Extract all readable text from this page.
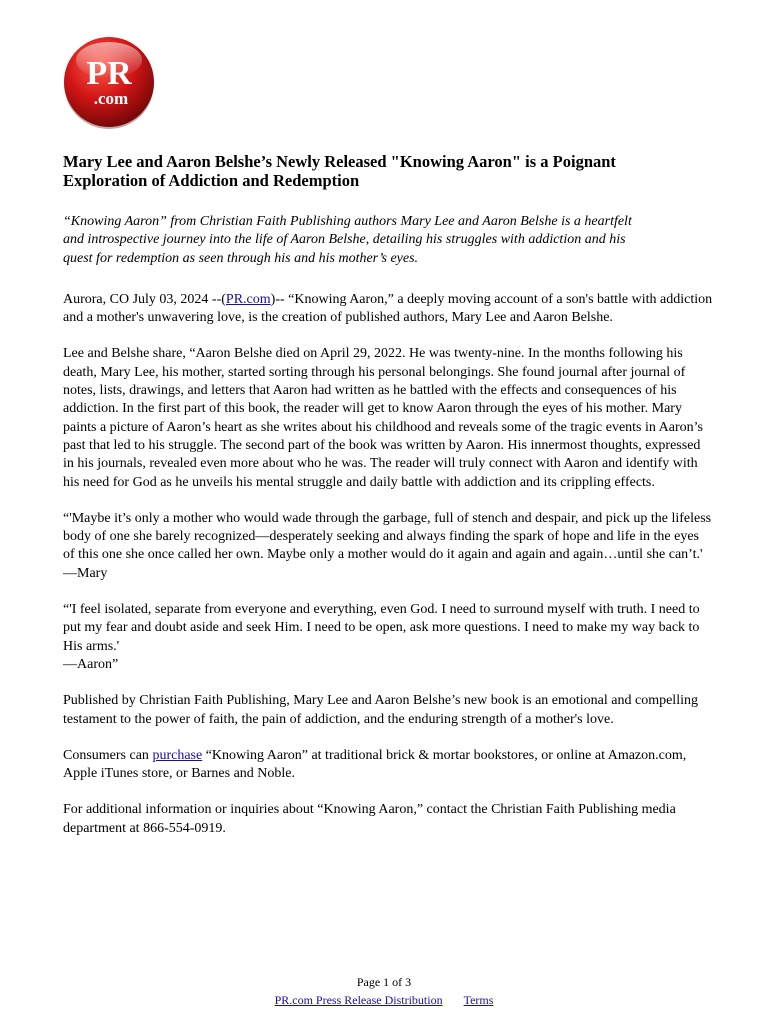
PR
.com
Mary Lee and Aaron Belshe’s Newly Released "Knowing Aaron" is a Poignant Exploration of Addiction and Redemption

“Knowing Aaron” from Christian Faith Publishing authors Mary Lee and Aaron Belshe is a heartfelt and introspective journey into the life of Aaron Belshe, detailing his struggles with addiction and his quest for redemption as seen through his and his mother’s eyes.

Aurora, CO July 03, 2024 --(PR.com)-- “Knowing Aaron,” a deeply moving account of a son's battle with addiction and a mother's unwavering love, is the creation of published authors, Mary Lee and Aaron Belshe.

Lee and Belshe share, “Aaron Belshe died on April 29, 2022. He was twenty-nine. In the months following his death, Mary Lee, his mother, started sorting through his personal belongings. She found journal after journal of notes, lists, drawings, and letters that Aaron had written as he battled with the effects and consequences of his addiction. In the first part of this book, the reader will get to know Aaron through the eyes of his mother. Mary paints a picture of Aaron’s heart as she writes about his childhood and reveals some of the tragic events in Aaron’s past that led to his struggle. The second part of the book was written by Aaron. His innermost thoughts, expressed in his journals, revealed even more about who he was. The reader will truly connect with Aaron and identify with his need for God as he unveils his mental struggle and daily battle with addiction and its crippling effects.

“'Maybe it’s only a mother who would wade through the garbage, full of stench and despair, and pick up the lifeless body of one she barely recognized—desperately seeking and always finding the spark of hope and life in the eyes of this one she once called her own. Maybe only a mother would do it again and again and again…until she can’t.'
—Mary

“'I feel isolated, separate from everyone and everything, even God. I need to surround myself with truth. I need to put my fear and doubt aside and seek Him. I need to be open, ask more questions. I need to make my way back to His arms.'
—Aaron”

Published by Christian Faith Publishing, Mary Lee and Aaron Belshe’s new book is an emotional and compelling testament to the power of faith, the pain of addiction, and the enduring strength of a mother's love.

Consumers can purchase “Knowing Aaron” at traditional brick & mortar bookstores, or online at Amazon.com, Apple iTunes store, or Barnes and Noble.

For additional information or inquiries about “Knowing Aaron,” contact the Christian Faith Publishing media department at 866-554-0919.

Page 1 of 3
PR.com Press Release Distribution Terms
